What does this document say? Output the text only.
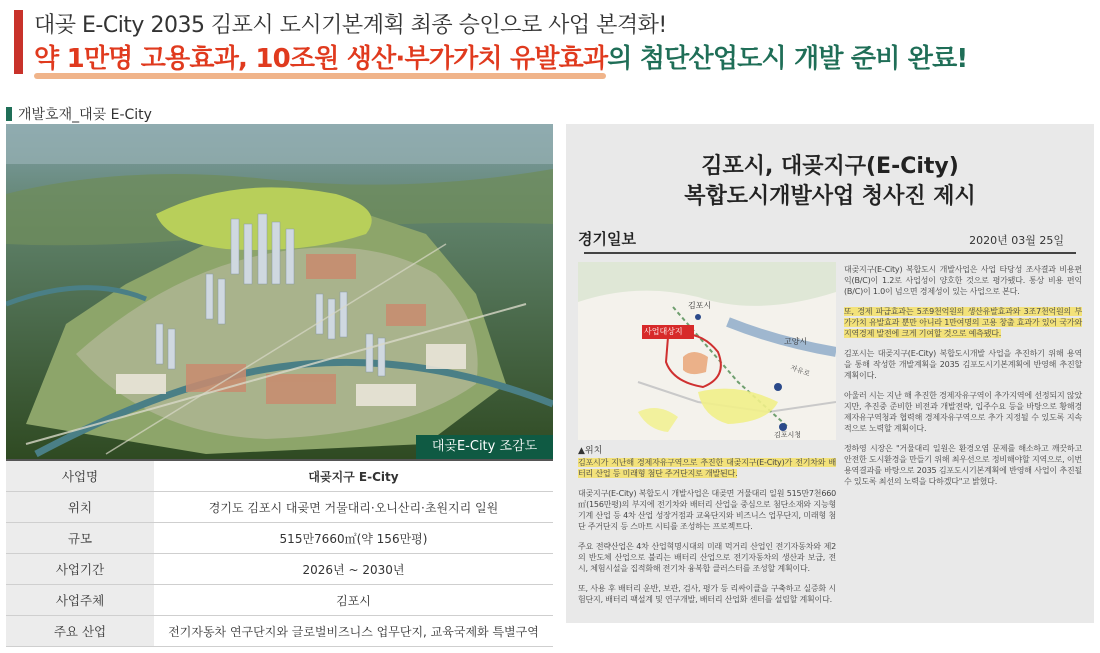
대곶 E-City 2035 김포시 도시기본계획 최종 승인으로 사업 본격화!
약 1만명 고용효과, 10조원 생산·부가가치 유발효과의 첨단산업도시 개발 준비 완료!
개발호재_대곶 E-City
대곶E-City 조감도
사업명	대곶지구 E-City
위치	경기도 김포시 대곶면 거물대리·오니산리·초원지리 일원
규모	515만7660㎡(약 156만평)
사업기간	2026년 ~ 2030년
사업주체	김포시
주요 산업	전기자동차 연구단지와 글로벌비즈니스 업무단지, 교육국제화 특별구역
김포시, 대곶지구(E-City)
복합도시개발사업 청사진 제시
경기일보	2020년 03월 25일
사업대상지
김포시
고양시
자유로
김포시청
▲위치

김포시가 지난해 경제자유구역으로 추진한 대곶지구(E-City)가 전기차와 배터리 산업 등 미래형 첨단 주거단지로 개발된다.

대곶지구(E-City) 복합도시 개발사업은 대곶면 거물대리 일원 515만7천660㎡(156만평)의 부지에 전기차와 배터리 산업을 중심으로 첨단소재와 지능형기계 산업 등 4차 산업 성장거점과 교육단지와 비즈니스 업무단지, 미래형 첨단 주거단지 등 스마트 시티를 조성하는 프로젝트다.

주요 전략산업은 4차 산업혁명시대의 미래 먹거리 산업인 전기자동차와 제2의 반도체 산업으로 불리는 배터리 산업으로 전기자동차의 생산과 보급, 전시, 체험시설을 집적화해 전기차 융복합 클러스터를 조성할 계획이다.

또, 사용 후 배터리 운반, 보관, 검사, 평가 등 리싸이클을 구축하고 실증화 시험단지, 배터리 팩설계 및 연구개발, 배터리 산업화 센터를 설립할 계획이다.

대곶지구(E-City) 복합도시 개발사업은 사업 타당성 조사결과 비용편익(B/C)이 1.2로 사업성이 양호한 것으로 평가됐다. 통상 비용 편익(B/C)이 1.0이 넘으면 경제성이 있는 사업으로 본다.

또, 경제 파급효과는 5조9천억원의 생산유발효과와 3조7천억원의 부가가치 유발효과 뿐만 아니라 1만여명의 고용 창출 효과가 있어 국가와 지역경제 발전에 크게 기여할 것으로 예측됐다.

김포시는 대곶지구(E-City) 복합도시개발 사업을 추진하기 위해 용역을 통해 작성한 개발계획을 2035 김포도시기본계획에 반영해 추진할 계획이다.

아울러 시는 지난 해 추진한 경제자유구역이 추가지역에 선정되지 않았지만, 추진중 준비한 비전과 개발전략, 입주수요 등을 바탕으로 황해경제자유구역청과 협력해 경제자유구역으로 추가 지정될 수 있도록 지속적으로 노력할 계획이다.

정하영 시장은 "거물대리 일원은 환경오염 문제를 해소하고 깨끗하고 안전한 도시환경을 만들기 위해 최우선으로 정비해야할 지역으로, 이번 용역결과를 바탕으로 2035 김포도시기본계획에 반영해 사업이 추진될 수 있도록 최선의 노력을 다하겠다"고 밝혔다.
